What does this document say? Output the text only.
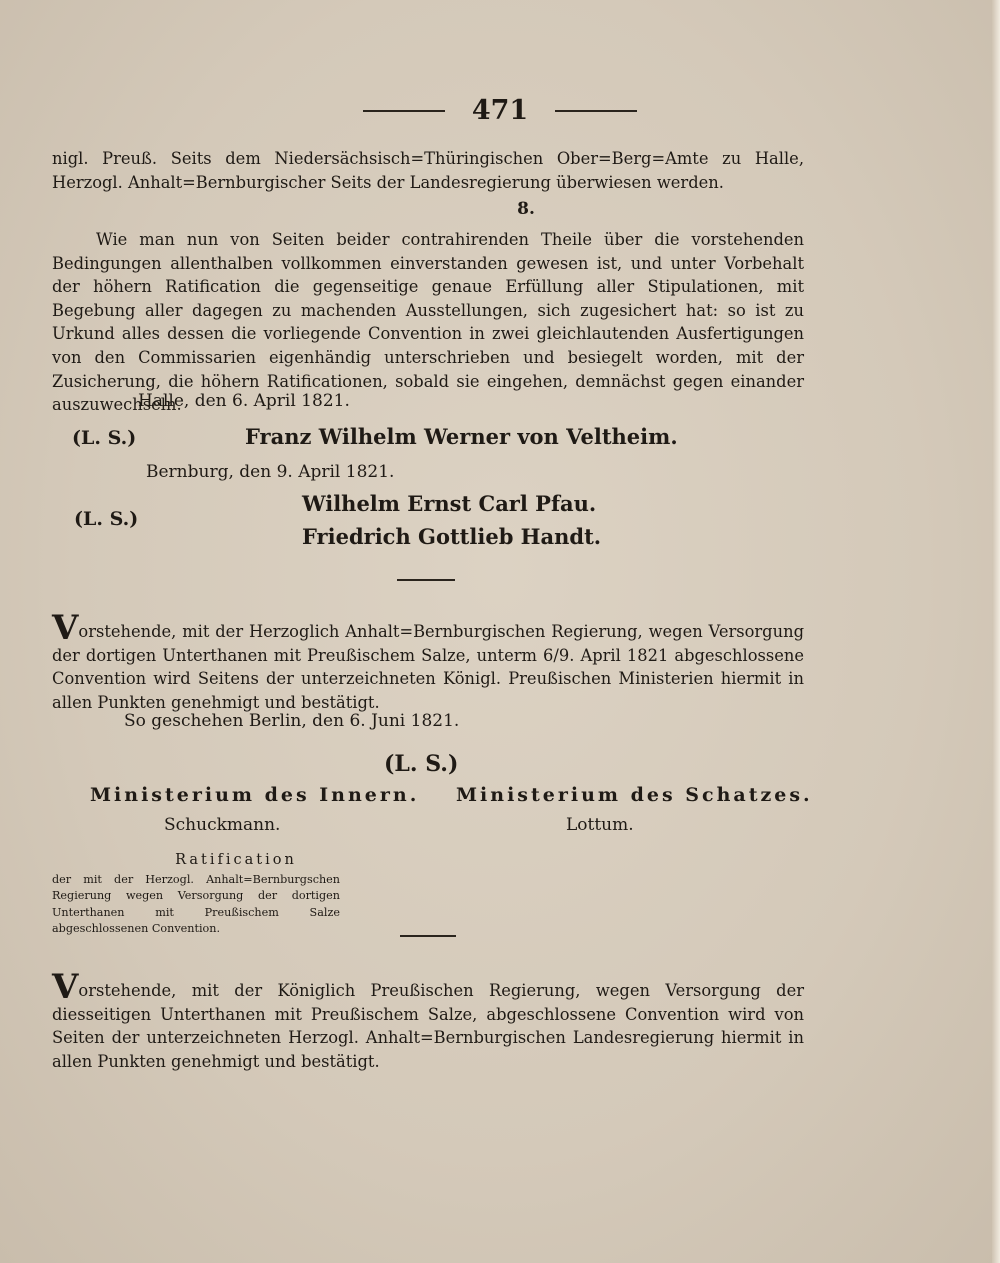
471

nigl. Preuß. Seits dem Niedersächsisch=Thüringischen Ober=Berg=Amte zu Halle, Herzogl. Anhalt=Bernburgischer Seits der Landesregierung überwiesen werden.

8.

Wie man nun von Seiten beider contrahirenden Theile über die vorstehenden Bedingungen allenthalben vollkommen einverstanden gewesen ist, und unter Vorbehalt der höhern Ratification die gegenseitige genaue Erfüllung aller Stipulationen, mit Begebung aller dagegen zu machenden Ausstellungen, sich zugesichert hat: so ist zu Urkund alles dessen die vorliegende Convention in zwei gleichlautenden Ausfertigungen von den Commissarien eigenhändig unterschrieben und besiegelt worden, mit der Zusicherung, die höhern Ratificationen, sobald sie eingehen, demnächst gegen einander auszuwechseln.

Halle, den 6. April 1821.
(L. S.)	Franz Wilhelm Werner von Veltheim.
Bernburg, den 9. April 1821.
(L. S.)
Wilhelm Ernst Carl Pfau.
Friedrich Gottlieb Handt.

Vorstehende, mit der Herzoglich Anhalt=Bernburgischen Regierung, wegen Versorgung der dortigen Unterthanen mit Preußischem Salze, unterm 6/9. April 1821 abgeschlossene Convention wird Seitens der unterzeichneten Königl. Preußischen Ministerien hiermit in allen Punkten genehmigt und bestätigt.

So geschehen Berlin, den 6. Juni 1821.
(L. S.)
Ministerium des Innern. Ministerium des Schatzes.
Schuckmann.	Lottum.
Ratification

der mit der Herzogl. Anhalt=Bernburgschen Regierung wegen Versorgung der dortigen Unterthanen mit Preußischem Salze abgeschlossenen Convention.

Vorstehende, mit der Königlich Preußischen Regierung, wegen Versorgung der diesseitigen Unterthanen mit Preußischem Salze, abgeschlossene Convention wird von Seiten der unterzeichneten Herzogl. Anhalt=Bernburgischen Landesregierung hiermit in allen Punkten genehmigt und bestätigt.
